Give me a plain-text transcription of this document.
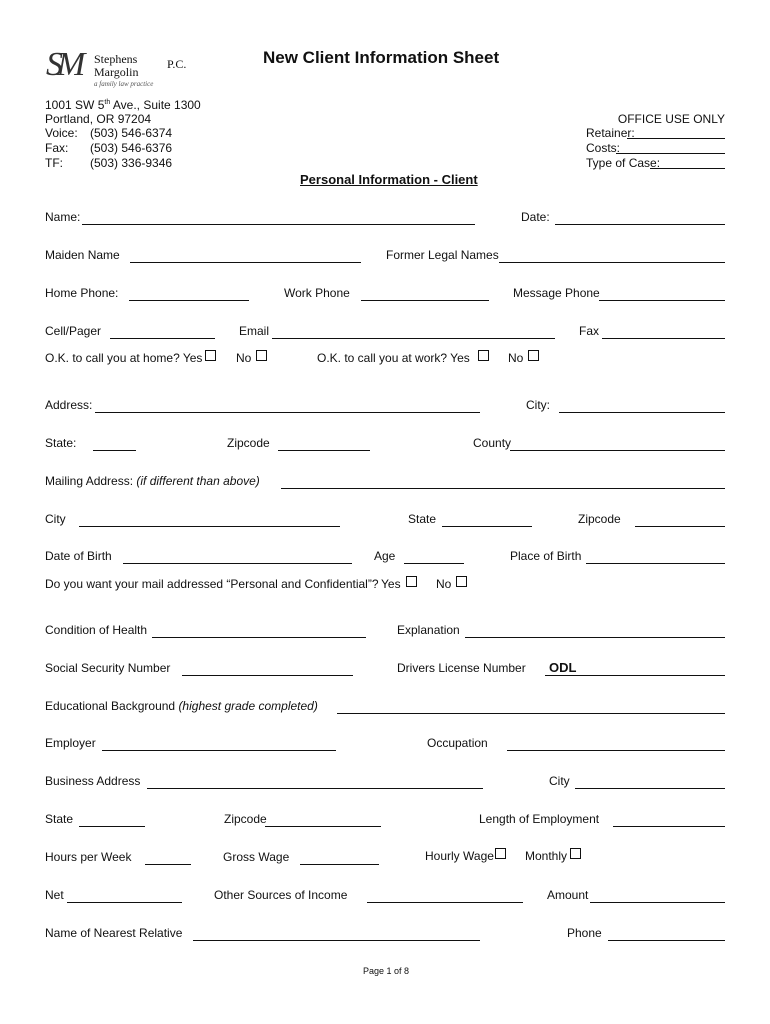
SM Stephens P.C.
Margolin
a family law practice
New Client Information Sheet
1001 SW 5th Ave., Suite 1300
Portland, OR 97204
Voice: (503) 546-6374
Fax: (503) 546-6376
TF: (503) 336-9346
OFFICE USE ONLY
Retainer:
Costs:
Type of Case:
Personal Information - Client
Name:	Date:
Maiden Name	Former Legal Names
Home Phone:	Work Phone	Message Phone
Cell/Pager	Email	Fax
O.K. to call you at home? Yes	No	O.K. to call you at work? Yes	No
Address:	City:
State:	Zipcode	County
Mailing Address: (if different than above)
City	State	Zipcode
Date of Birth	Age	Place of Birth
Do you want your mail addressed “Personal and Confidential”? Yes	No
Condition of Health	Explanation
Social Security Number	Drivers License Number ODL
Educational Background (highest grade completed)
Employer	Occupation
Business Address	City
State	Zipcode	Length of Employment
Hours per Week	Gross Wage	Hourly Wage	Monthly
Net	Other Sources of Income	Amount
Name of Nearest Relative	Phone
Page 1 of 8
